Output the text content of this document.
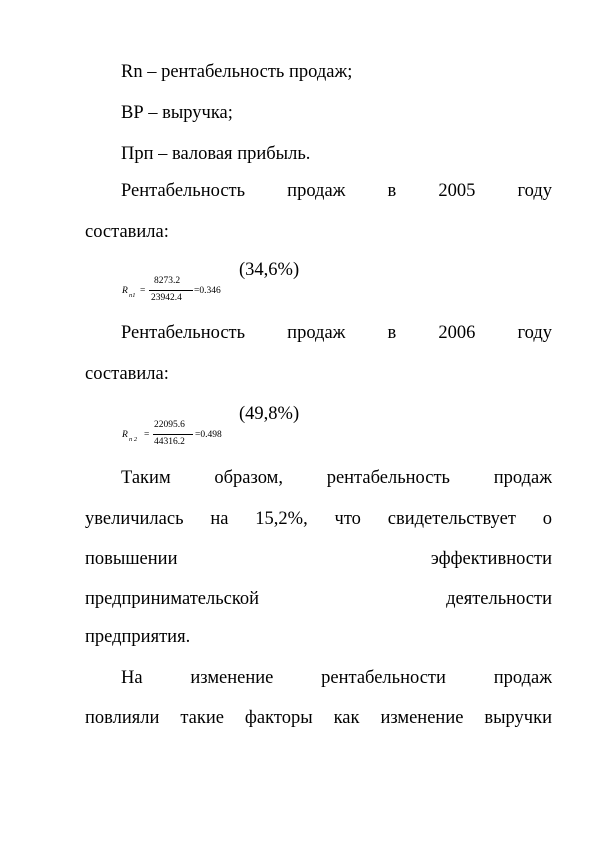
Rn – рентабельность продаж;
ВР – выручка;
Прп – валовая прибыль.
Рентабельность продаж в 2005 году
составила:
R п1 =
8273.2
23942.4
=0.346
(34,6%)
Рентабельность продаж в 2006 году
составила:
R п 2 =
22095.6
44316.2
=0.498
(49,8%)
Таким образом, рентабельность продаж
увеличилась на 15,2%, что свидетельствует о
повышении эффективности
предпринимательской деятельности
предприятия.
На изменение рентабельности продаж
повлияли такие факторы как изменение выручки
